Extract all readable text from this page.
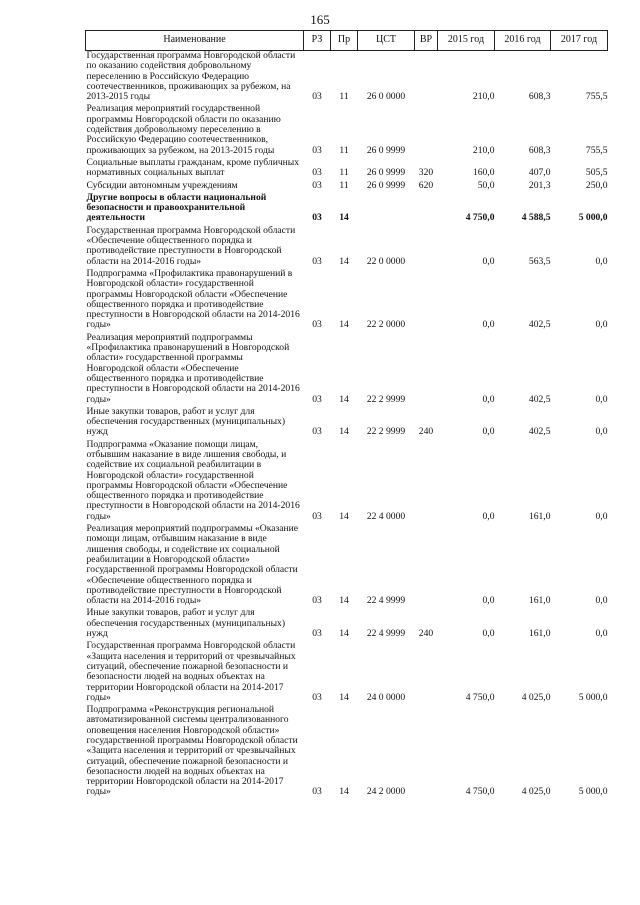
165
Наименование	РЗ	Пр	ЦСТ	ВР	2015 год	2016 год	2017 год
Государственная программа Новгородской области по оказанию содействия добровольному переселению в Российскую Федерацию соотечественников, проживающих за рубежом, на 2013-2015 годы	03	11	26 0 0000		210,0	608,3	755,5
Реализация мероприятий государственной программы Новгородской области по оказанию содействия добровольному переселению в Российскую Федерацию соотечественников, проживающих за рубежом, на 2013-2015 годы	03	11	26 0 9999		210,0	608,3	755,5
Социальные выплаты гражданам, кроме публичных нормативных социальных выплат	03	11	26 0 9999	320	160,0	407,0	505,5
Субсидии автономным учреждениям	03	11	26 0 9999	620	50,0	201,3	250,0
Другие вопросы в области национальной безопасности и правоохранительной деятельности	03	14			4 750,0	4 588,5	5 000,0
Государственная программа Новгородской области «Обеспечение общественного порядка и противодействие преступности в Новгородской области на 2014-2016 годы»	03	14	22 0 0000		0,0	563,5	0,0
Подпрограмма «Профилактика правонарушений в Новгородской области» государственной программы Новгородской области «Обеспечение общественного порядка и противодействие преступности в Новгородской области на 2014-2016 годы»	03	14	22 2 0000		0,0	402,5	0,0
Реализация мероприятий подпрограммы «Профилактика правонарушений в Новгородской области» государственной программы Новгородской области «Обеспечение общественного порядка и противодействие преступности в Новгородской области на 2014-2016 годы»	03	14	22 2 9999		0,0	402,5	0,0
Иные закупки товаров, работ и услуг для обеспечения государственных (муниципальных) нужд	03	14	22 2 9999	240	0,0	402,5	0,0
Подпрограмма «Оказание помощи лицам, отбывшим наказание в виде лишения свободы, и содействие их социальной реабилитации в Новгородской области» государственной программы Новгородской области «Обеспечение общественного порядка и противодействие преступности в Новгородской области на 2014-2016 годы»	03	14	22 4 0000		0,0	161,0	0,0
Реализация мероприятий подпрограммы «Оказание помощи лицам, отбывшим наказание в виде лишения свободы, и содействие их социальной реабилитации в Новгородской области» государственной программы Новгородской области «Обеспечение общественного порядка и противодействие преступности в Новгородской области на 2014-2016 годы»	03	14	22 4 9999		0,0	161,0	0,0
Иные закупки товаров, работ и услуг для обеспечения государственных (муниципальных) нужд	03	14	22 4 9999	240	0,0	161,0	0,0
Государственная программа Новгородской области «Защита населения и территорий от чрезвычайных ситуаций, обеспечение пожарной безопасности и безопасности людей на водных объектах на территории Новгородской области на 2014-2017 годы»	03	14	24 0 0000		4 750,0	4 025,0	5 000,0
Подпрограмма «Реконструкция региональной автоматизированной системы централизованного оповещения населения Новгородской области» государственной программы Новгородской области «Защита населения и территорий от чрезвычайных ситуаций, обеспечение пожарной безопасности и безопасности людей на водных объектах на территории Новгородской области на 2014-2017 годы»	03	14	24 2 0000		4 750,0	4 025,0	5 000,0
